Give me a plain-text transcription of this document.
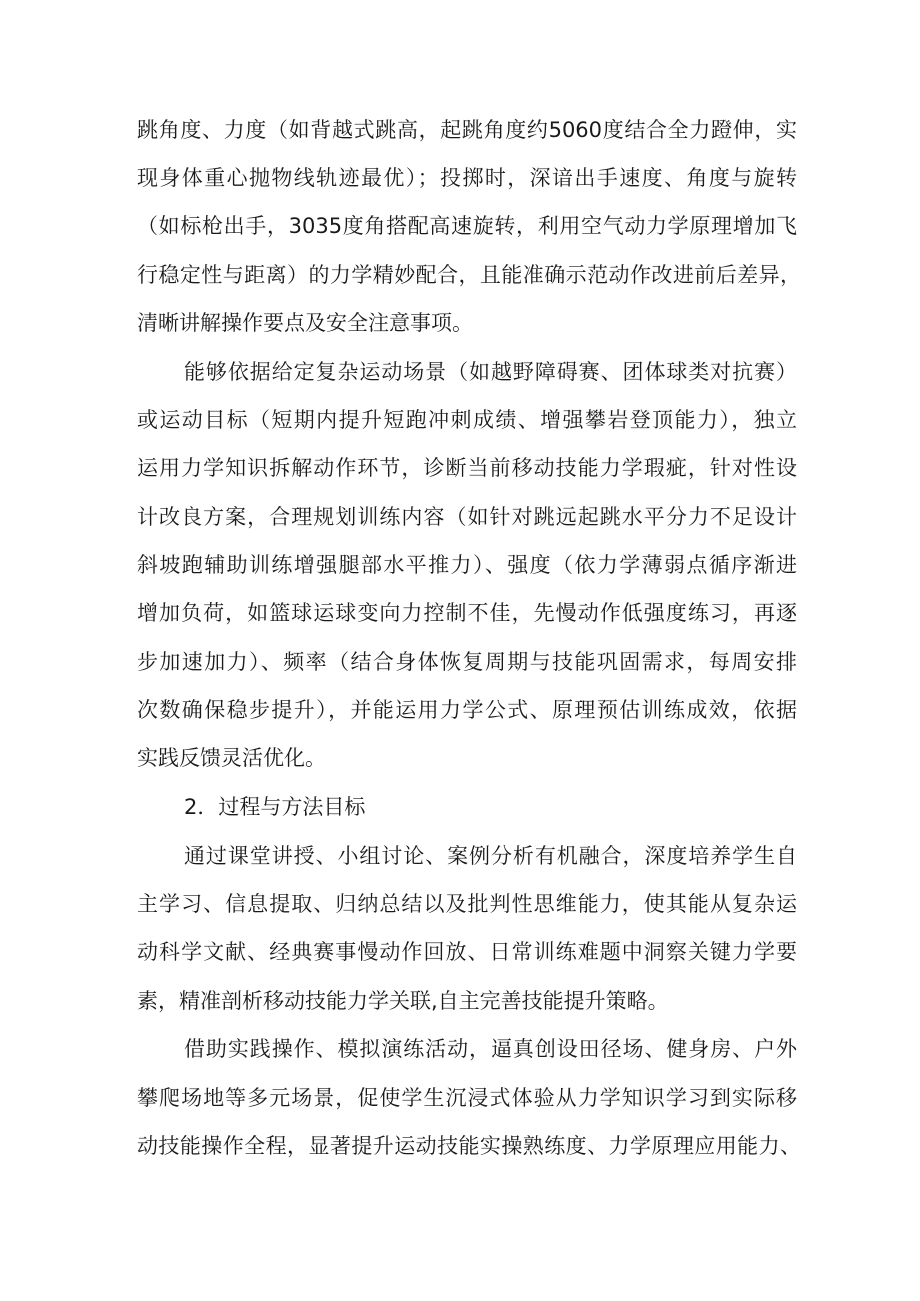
跳角度、力度（如背越式跳高，起跳角度约5060度结合全力蹬伸，实
现身体重心抛物线轨迹最优）；投掷时，深谙出手速度、角度与旋转
（如标枪出手，3035度角搭配高速旋转，利用空气动力学原理增加飞
行稳定性与距离）的力学精妙配合，且能准确示范动作改进前后差异，
清晰讲解操作要点及安全注意事项。
能够依据给定复杂运动场景（如越野障碍赛、团体球类对抗赛）
或运动目标（短期内提升短跑冲刺成绩、增强攀岩登顶能力），独立
运用力学知识拆解动作环节，诊断当前移动技能力学瑕疵，针对性设
计改良方案，合理规划训练内容（如针对跳远起跳水平分力不足设计
斜坡跑辅助训练增强腿部水平推力）、强度（依力学薄弱点循序渐进
增加负荷，如篮球运球变向力控制不佳，先慢动作低强度练习，再逐
步加速加力）、频率（结合身体恢复周期与技能巩固需求，每周安排
次数确保稳步提升），并能运用力学公式、原理预估训练成效，依据
实践反馈灵活优化。
2．过程与方法目标
通过课堂讲授、小组讨论、案例分析有机融合，深度培养学生自
主学习、信息提取、归纳总结以及批判性思维能力，使其能从复杂运
动科学文献、经典赛事慢动作回放、日常训练难题中洞察关键力学要
素，精准剖析移动技能力学关联,自主完善技能提升策略。
借助实践操作、模拟演练活动，逼真创设田径场、健身房、户外
攀爬场地等多元场景，促使学生沉浸式体验从力学知识学习到实际移
动技能操作全程，显著提升运动技能实操熟练度、力学原理应用能力、
